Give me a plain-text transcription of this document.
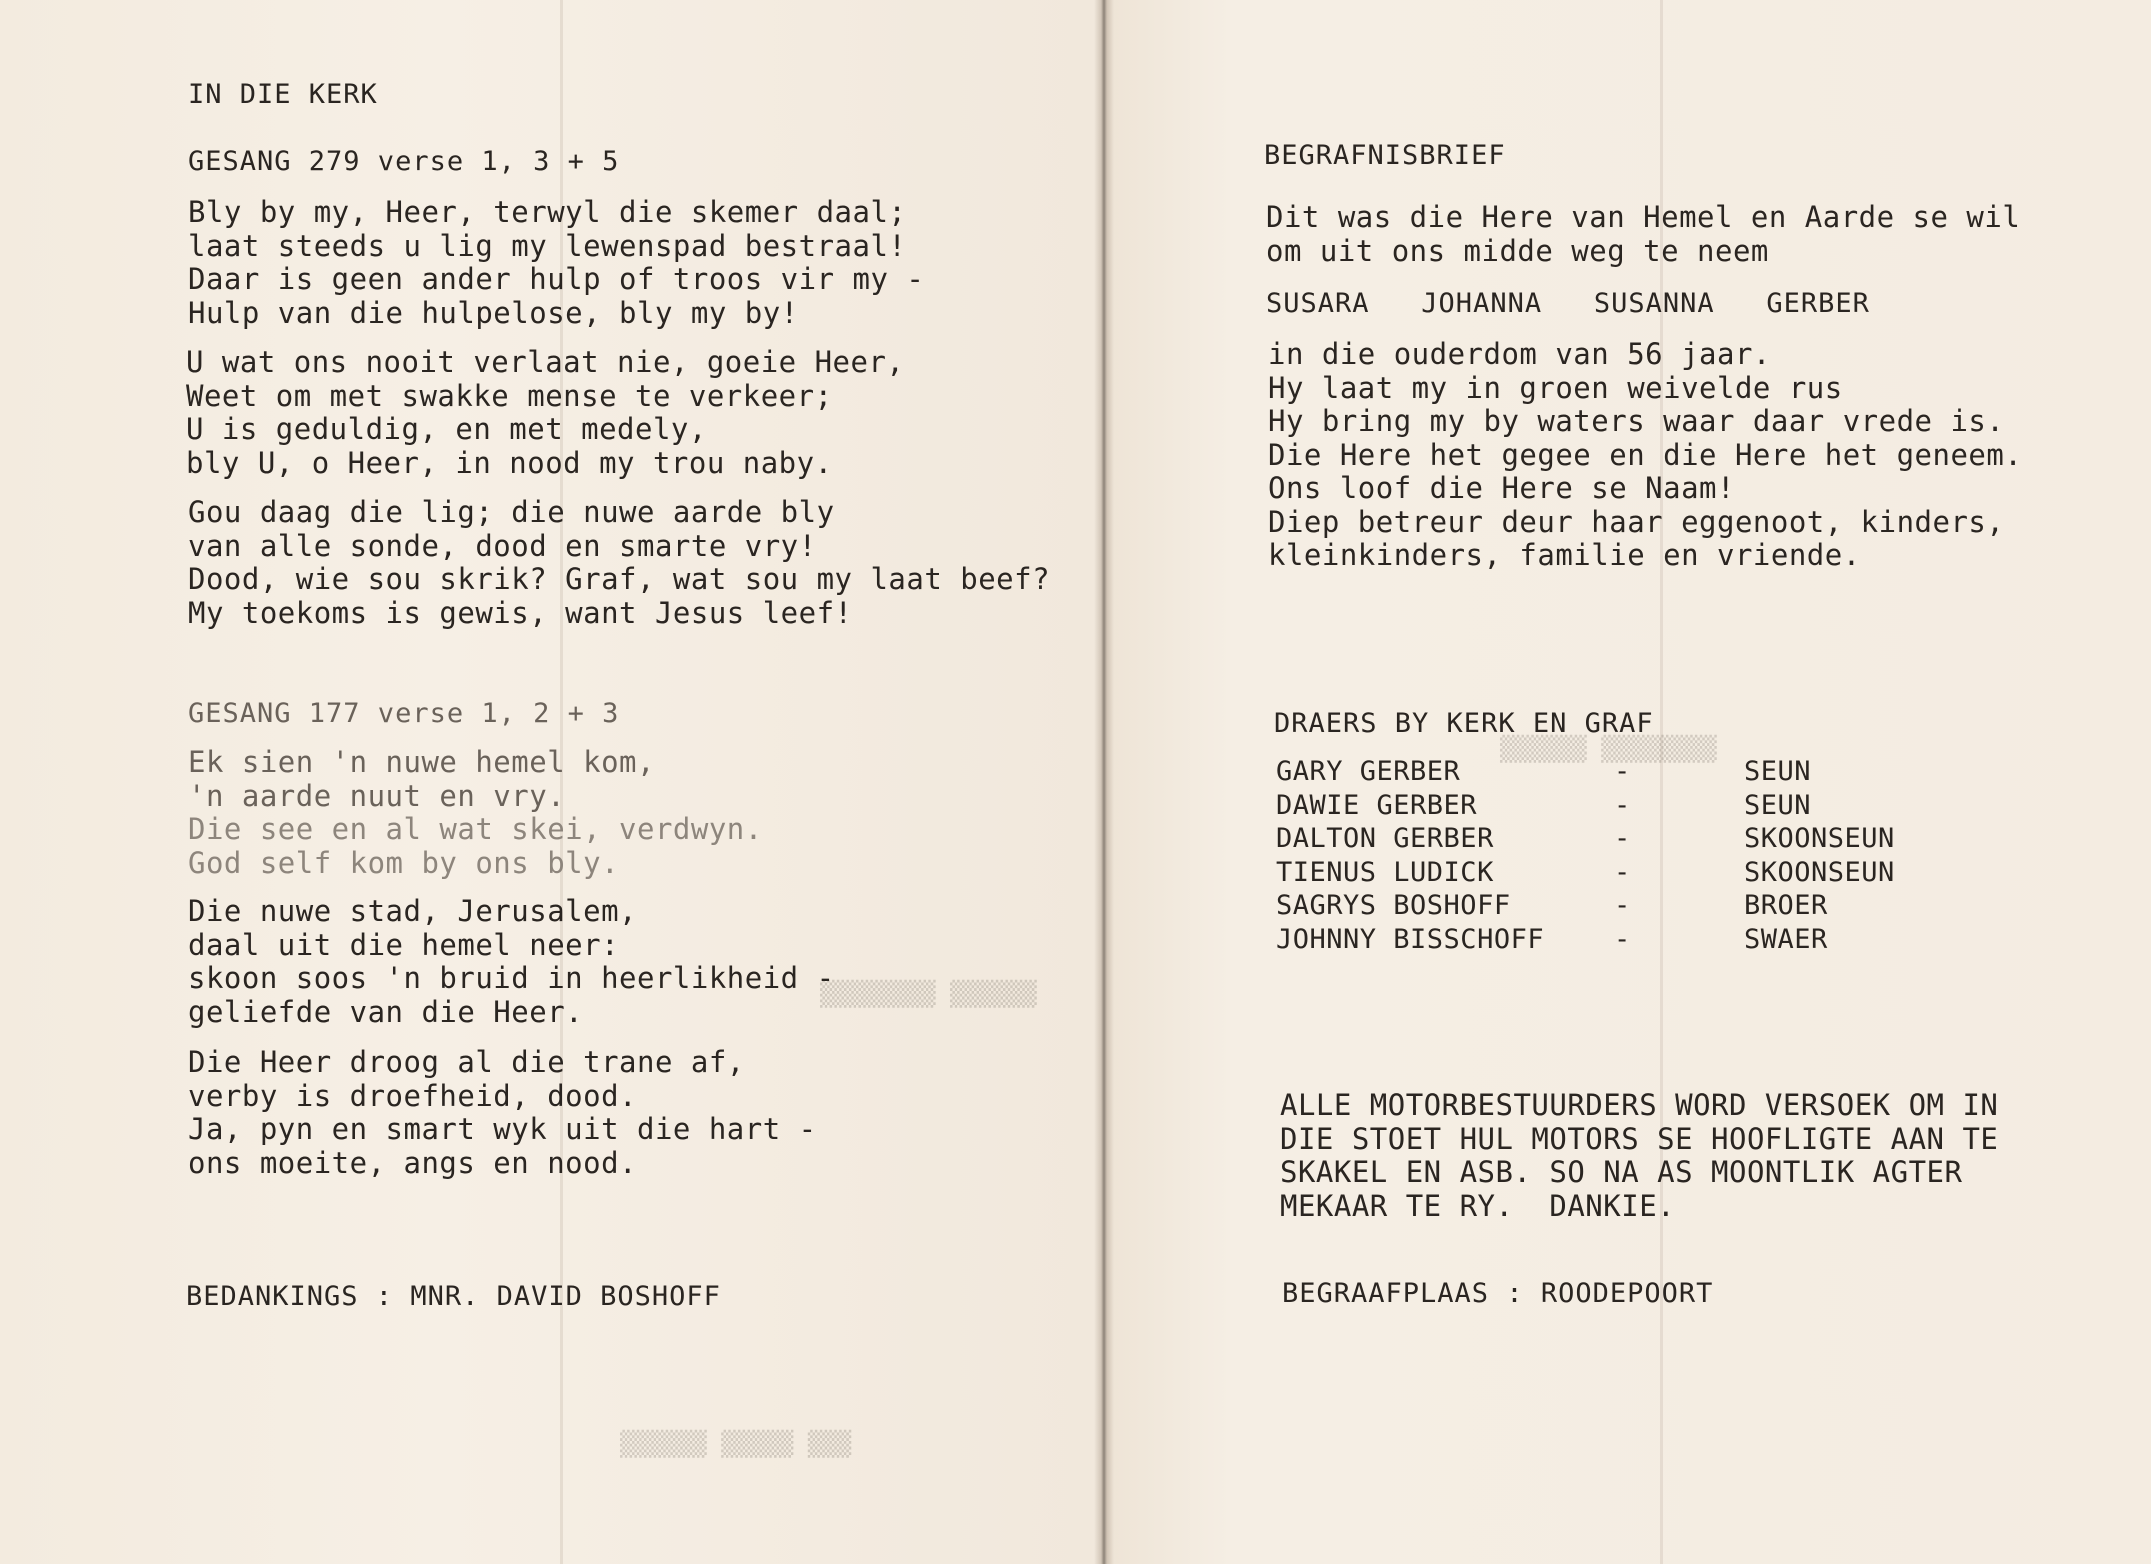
▒▒▒▒▒▒ ▒▒▒▒▒▒▒▒
▒▒▒ ▒▒▒▒▒ ▒▒▒▒▒▒
▒▒▒▒▒▒▒▒ ▒▒▒▒▒▒
IN DIE KERK
GESANG 279 verse 1, 3 + 5
Bly by my, Heer, terwyl die skemer daal;
laat steeds u lig my lewenspad bestraal!
Daar is geen ander hulp of troos vir my -
Hulp van die hulpelose, bly my by!
U wat ons nooit verlaat nie, goeie Heer,
Weet om met swakke mense te verkeer;
U is geduldig, en met medely,
bly U, o Heer, in nood my trou naby.
Gou daag die lig; die nuwe aarde bly
van alle sonde, dood en smarte vry!
Dood, wie sou skrik? Graf, wat sou my laat beef?
My toekoms is gewis, want Jesus leef!
GESANG 177 verse 1, 2 + 3
Ek sien 'n nuwe hemel kom,
'n aarde nuut en vry.
Die see en al wat skei, verdwyn.
God self kom by ons bly.
Die nuwe stad, Jerusalem,
daal uit die hemel neer:
skoon soos 'n bruid in heerlikheid -
geliefde van die Heer.
Die Heer droog al die trane af,
verby is droefheid, dood.
Ja, pyn en smart wyk uit die hart -
ons moeite, angs en nood.
BEDANKINGS : MNR. DAVID BOSHOFF
BEGRAFNISBRIEF
Dit was die Here van Hemel en Aarde se wil
om uit ons midde weg te neem
SUSARA   JOHANNA   SUSANNA   GERBER
in die ouderdom van 56 jaar.
Hy laat my in groen weivelde rus
Hy bring my by waters waar daar vrede is.
Die Here het gegee en die Here het geneem.
Ons loof die Here se Naam!
Diep betreur deur haar eggenoot, kinders,
kleinkinders, familie en vriende.
DRAERS BY KERK EN GRAF
GARY GERBER	-	SEUN
DAWIE GERBER	-	SEUN
DALTON GERBER	-	SKOONSEUN
TIENUS LUDICK	-	SKOONSEUN
SAGRYS BOSHOFF	-	BROER
JOHNNY BISSCHOFF	-	SWAER
ALLE MOTORBESTUURDERS WORD VERSOEK OM IN
DIE STOET HUL MOTORS SE HOOFLIGTE AAN TE
SKAKEL EN ASB. SO NA AS MOONTLIK AGTER
MEKAAR TE RY.  DANKIE.
BEGRAAFPLAAS : ROODEPOORT
